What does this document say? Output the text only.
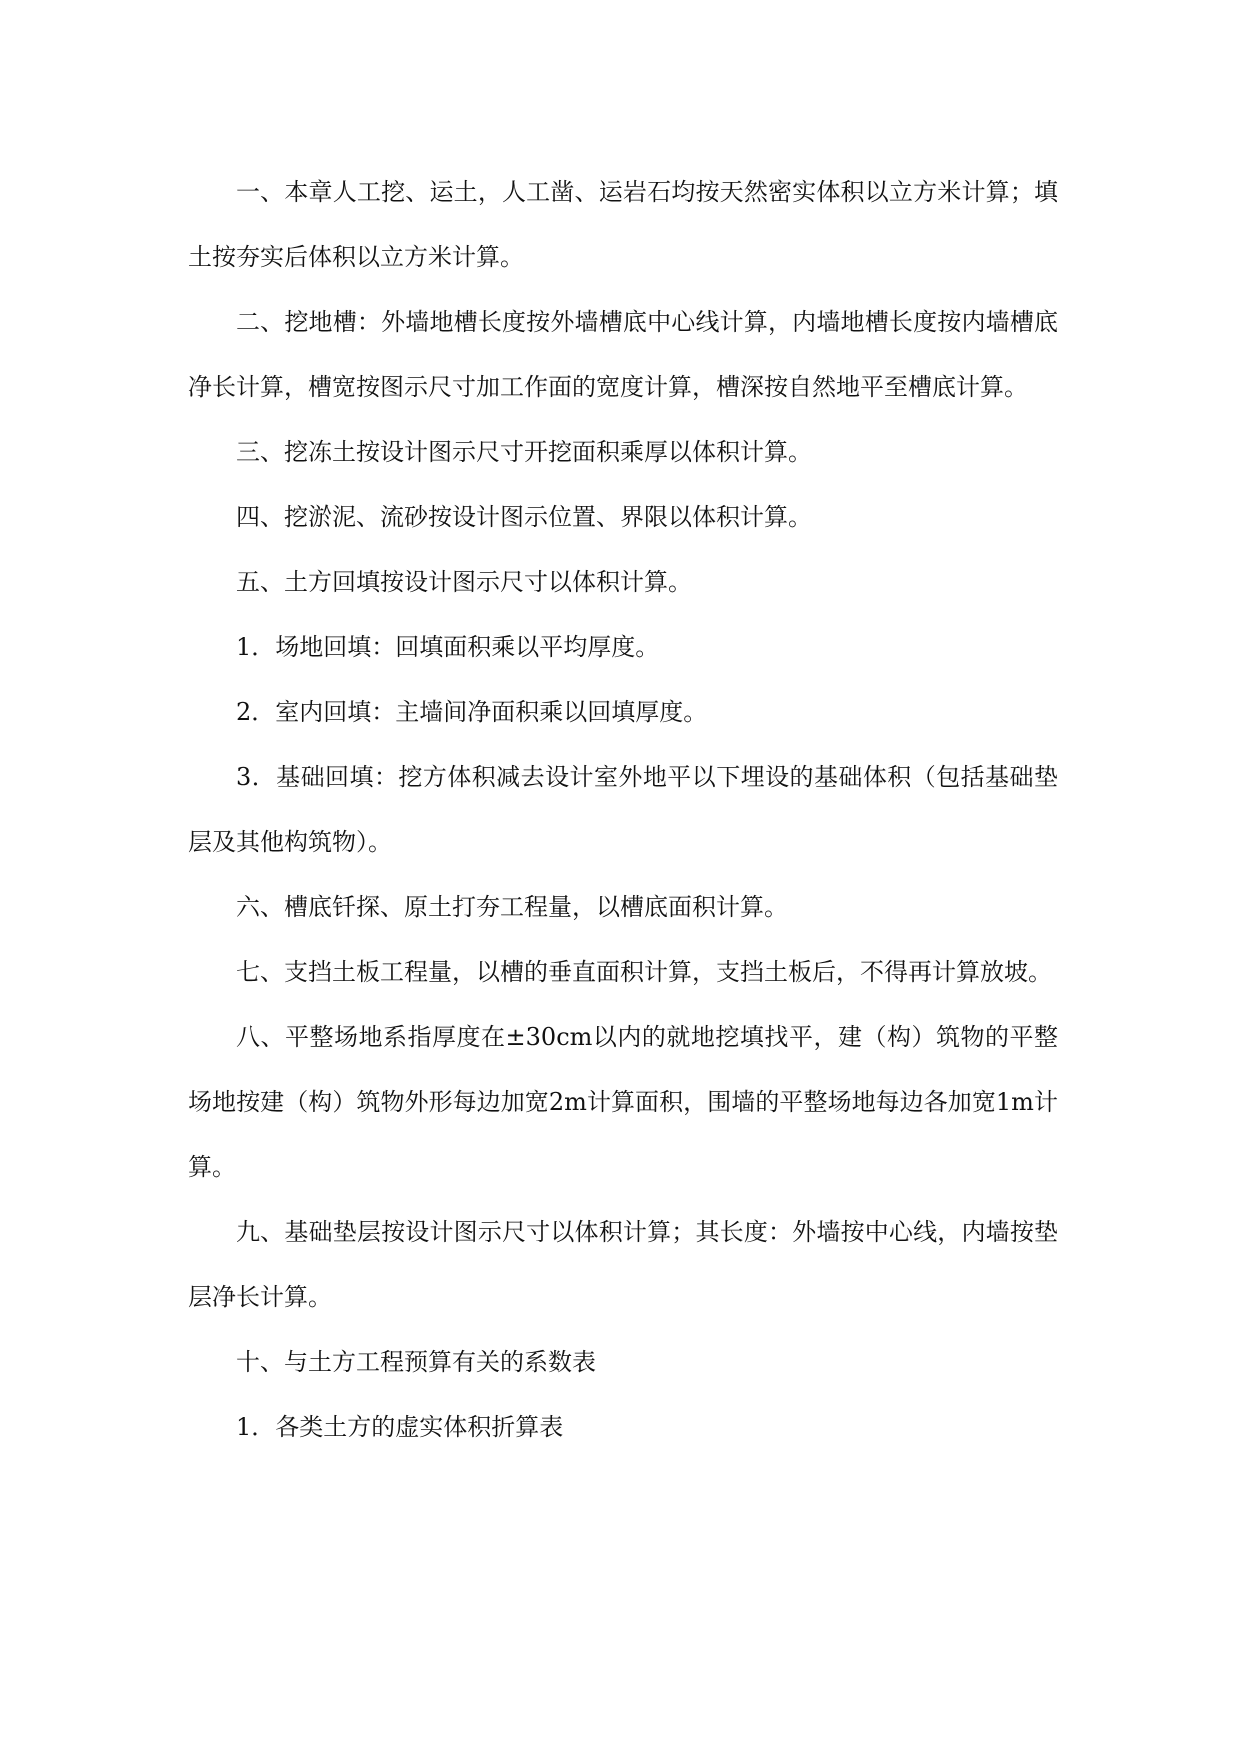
一、本章人工挖、运土，人工凿、运岩石均按天然密实体积以立方米计算；填土按夯实后体积以立方米计算。

二、挖地槽：外墙地槽长度按外墙槽底中心线计算，内墙地槽长度按内墙槽底净长计算，槽宽按图示尺寸加工作面的宽度计算，槽深按自然地平至槽底计算。

三、挖冻土按设计图示尺寸开挖面积乘厚以体积计算。

四、挖淤泥、流砂按设计图示位置、界限以体积计算。

五、土方回填按设计图示尺寸以体积计算。

1．场地回填：回填面积乘以平均厚度。

2．室内回填：主墙间净面积乘以回填厚度。

3．基础回填：挖方体积减去设计室外地平以下埋设的基础体积（包括基础垫层及其他构筑物）。

六、槽底钎探、原土打夯工程量，以槽底面积计算。

七、支挡土板工程量，以槽的垂直面积计算，支挡土板后，不得再计算放坡。

八、平整场地系指厚度在±30cm以内的就地挖填找平，建（构）筑物的平整场地按建（构）筑物外形每边加宽2m计算面积，围墙的平整场地每边各加宽1m计算。

九、基础垫层按设计图示尺寸以体积计算；其长度：外墙按中心线，内墙按垫层净长计算。

十、与土方工程预算有关的系数表

1．各类土方的虚实体积折算表
